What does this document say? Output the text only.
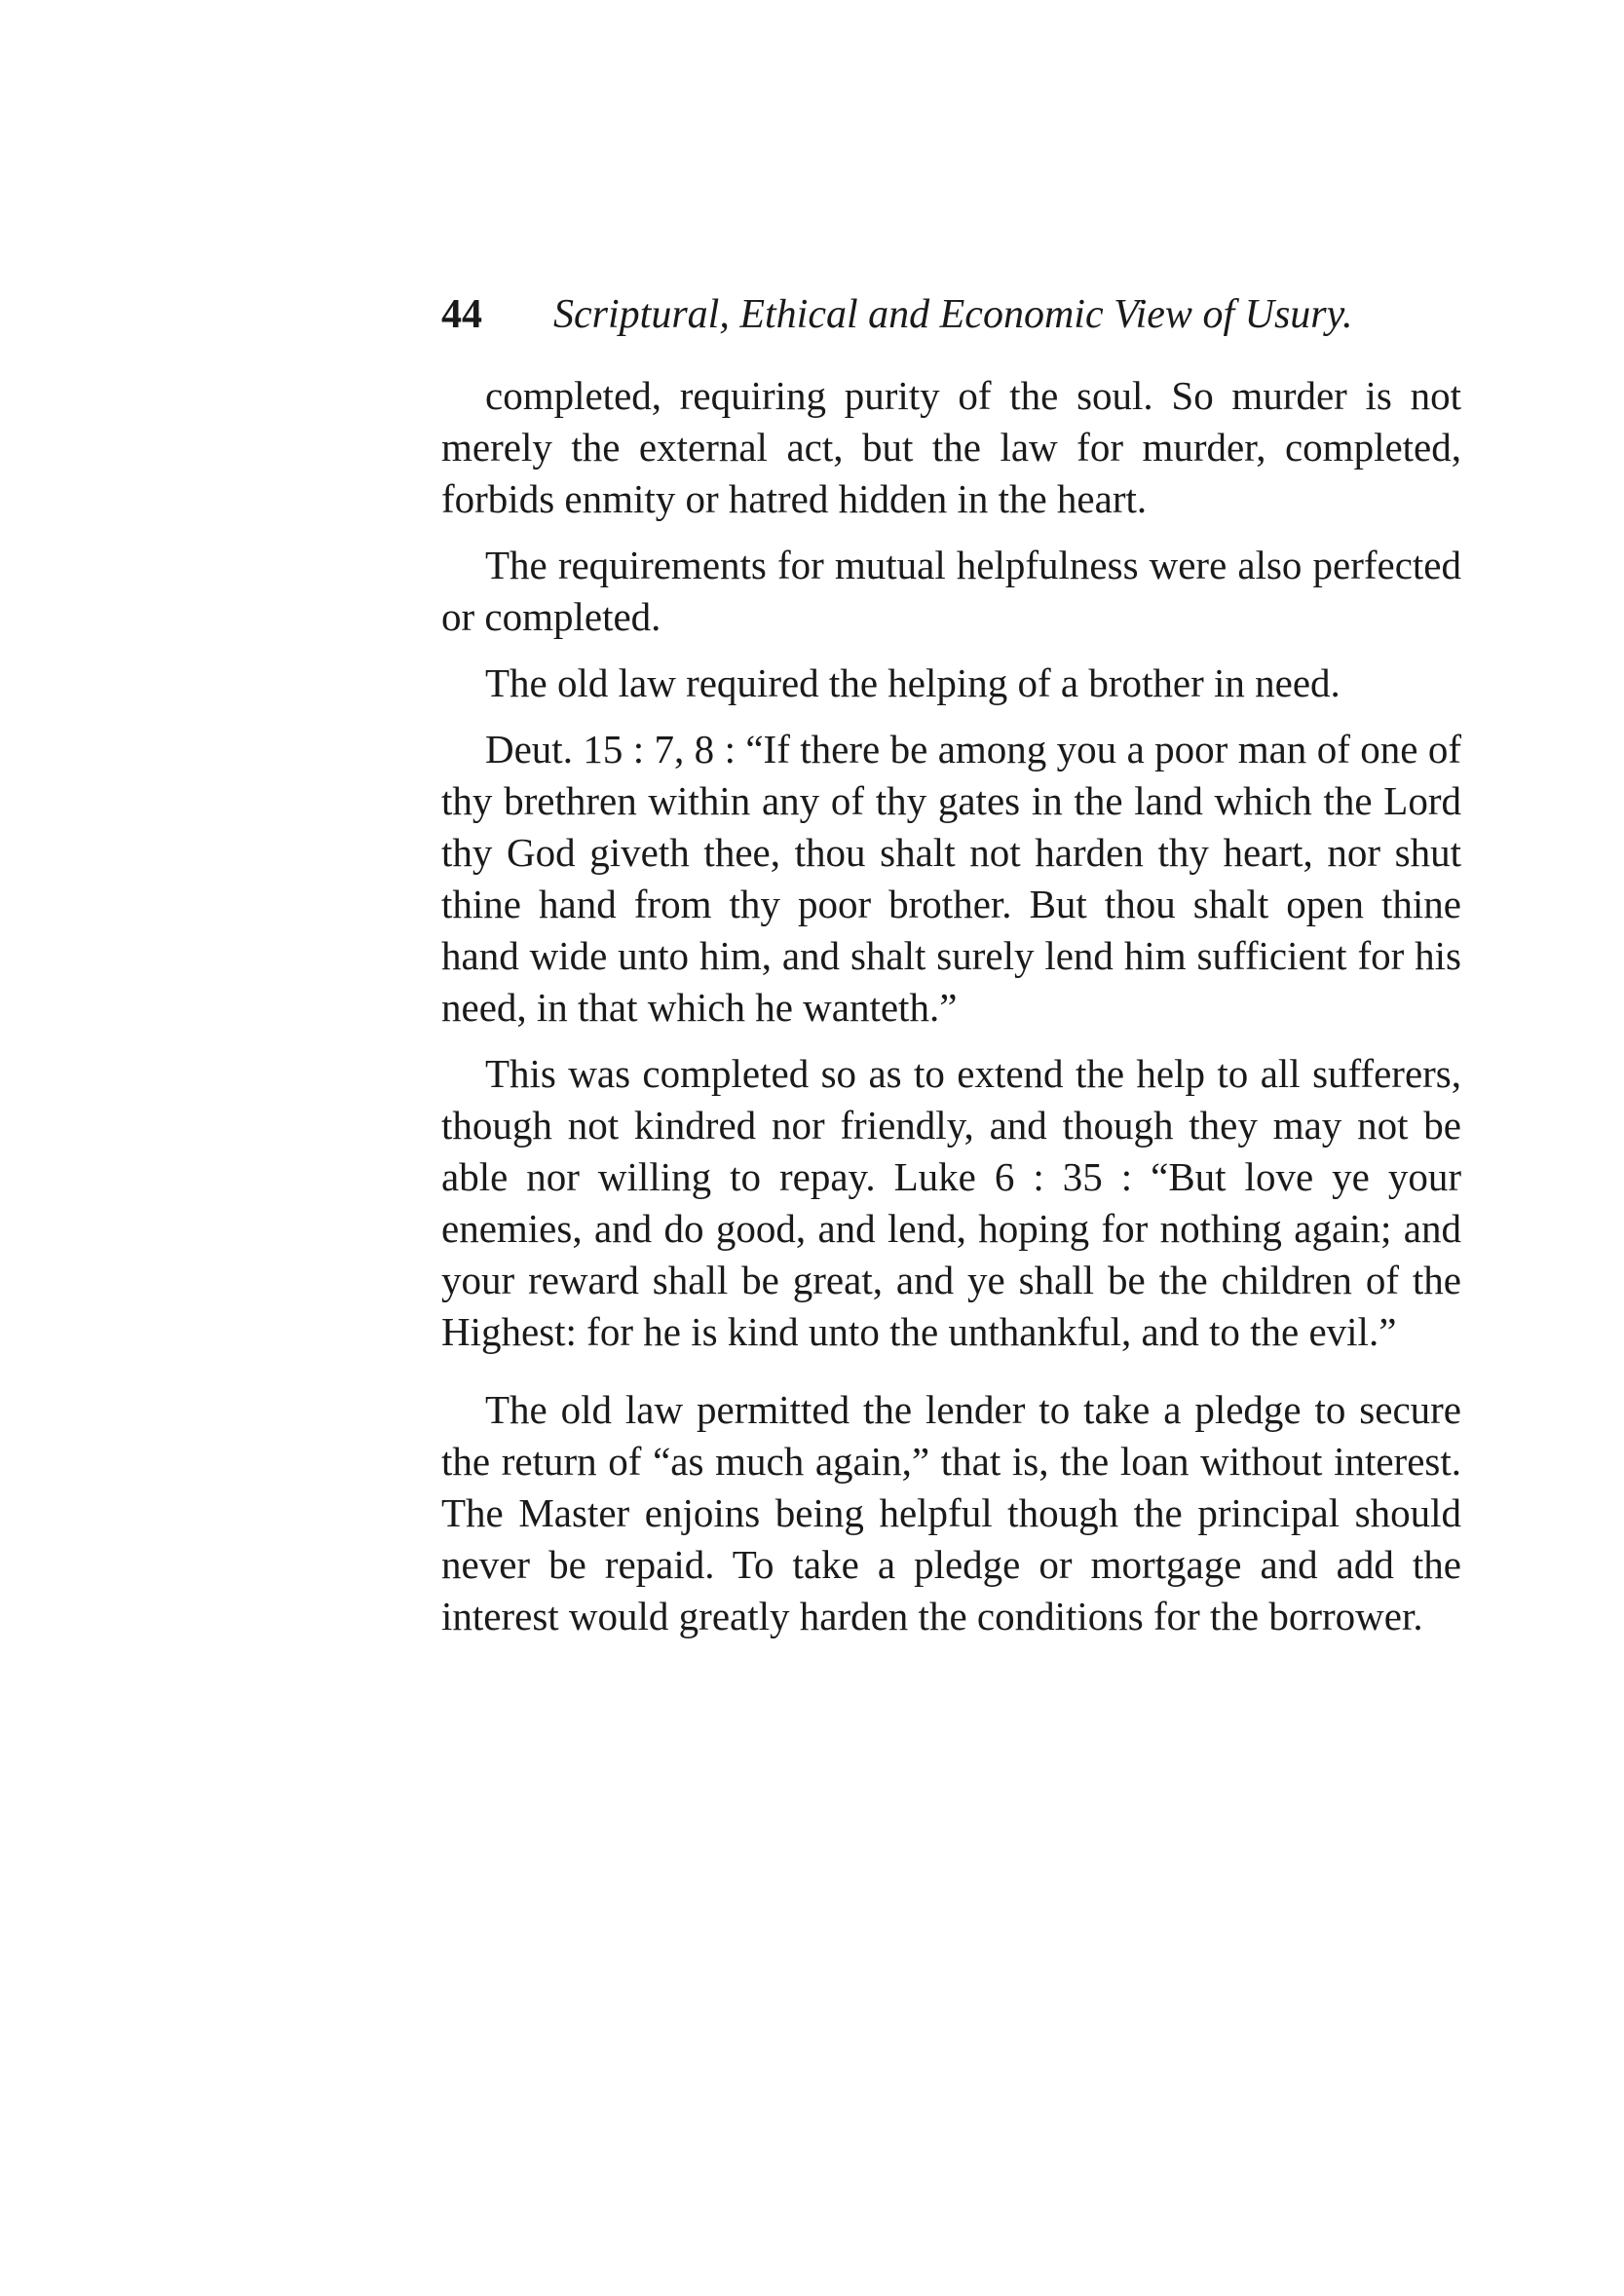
44 Scriptural, Ethical and Economic View of Usury.

completed, requiring purity of the soul. So murder is not merely the external act, but the law for murder, completed, forbids enmity or hatred hidden in the heart.

The requirements for mutual helpfulness were also perfected or completed.

The old law required the helping of a brother in need.

Deut. 15 : 7, 8 : “If there be among you a poor man of one of thy brethren within any of thy gates in the land which the Lord thy God giveth thee, thou shalt not harden thy heart, nor shut thine hand from thy poor brother. But thou shalt open thine hand wide unto him, and shalt surely lend him sufficient for his need, in that which he wanteth.”

This was completed so as to extend the help to all sufferers, though not kindred nor friendly, and though they may not be able nor willing to repay. Luke 6 : 35 : “But love ye your enemies, and do good, and lend, hoping for nothing again; and your reward shall be great, and ye shall be the children of the Highest: for he is kind unto the unthankful, and to the evil.”

The old law permitted the lender to take a pledge to secure the return of “as much again,” that is, the loan without interest. The Master enjoins being helpful though the principal should never be repaid. To take a pledge or mortgage and add the interest would greatly harden the conditions for the borrower.
